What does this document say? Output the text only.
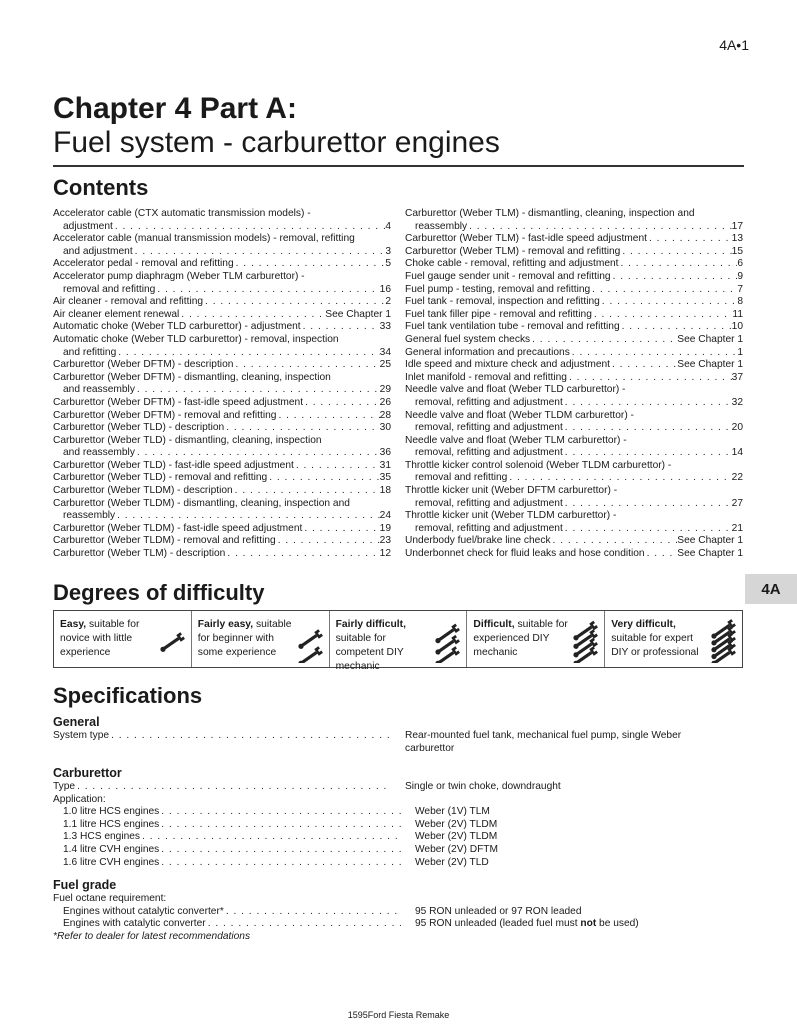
4A•1
Chapter 4 Part A:
Fuel system - carburettor engines
Contents
Accelerator cable (CTX automatic transmission models) -
adjustment . . .	4
Accelerator cable (manual transmission models) - removal, refitting
and adjustment . . .	3
Accelerator pedal - removal and refitting . . .	5
Accelerator pump diaphragm (Weber TLM carburettor) -
removal and refitting . . .	16
Air cleaner - removal and refitting . . .	2
Air cleaner element renewal . . .	See Chapter 1
Automatic choke (Weber TLD carburettor) - adjustment . . .	33
Automatic choke (Weber TLD carburettor) - removal, inspection
and refitting . . .	34
Carburettor (Weber DFTM) - description . . .	25
Carburettor (Weber DFTM) - dismantling, cleaning, inspection
and reassembly . . .	29
Carburettor (Weber DFTM) - fast-idle speed adjustment . . .	26
Carburettor (Weber DFTM) - removal and refitting . . .	28
Carburettor (Weber TLD) - description . . .	30
Carburettor (Weber TLD) - dismantling, cleaning, inspection
and reassembly . . .	36
Carburettor (Weber TLD) - fast-idle speed adjustment . . .	31
Carburettor (Weber TLD) - removal and refitting . . .	35
Carburettor (Weber TLDM) - description . . .	18
Carburettor (Weber TLDM) - dismantling, cleaning, inspection and
reassembly . . .	24
Carburettor (Weber TLDM) - fast-idle speed adjustment . . .	19
Carburettor (Weber TLDM) - removal and refitting . . .	23
Carburettor (Weber TLM) - description . . .	12
Carburettor (Weber TLM) - dismantling, cleaning, inspection and
reassembly . . .	17
Carburettor (Weber TLM) - fast-idle speed adjustment . . .	13
Carburettor (Weber TLM) - removal and refitting . . .	15
Choke cable - removal, refitting and adjustment . . .	6
Fuel gauge sender unit - removal and refitting . . .	9
Fuel pump - testing, removal and refitting . . .	7
Fuel tank - removal, inspection and refitting . . .	8
Fuel tank filler pipe - removal and refitting . . .	11
Fuel tank ventilation tube - removal and refitting . . .	10
General fuel system checks . . .	See Chapter 1
General information and precautions . . .	1
Idle speed and mixture check and adjustment . . .	See Chapter 1
Inlet manifold - removal and refitting . . .	37
Needle valve and float (Weber TLD carburettor) -
removal, refitting and adjustment . . .	32
Needle valve and float (Weber TLDM carburettor) -
removal, refitting and adjustment . . .	20
Needle valve and float (Weber TLM carburettor) -
removal, refitting and adjustment . . .	14
Throttle kicker control solenoid (Weber TLDM carburettor) -
removal and refitting . . .	22
Throttle kicker unit (Weber DFTM carburettor) -
removal, refitting and adjustment . . .	27
Throttle kicker unit (Weber TLDM carburettor) -
removal, refitting and adjustment . . .	21
Underbody fuel/brake line check . . .	See Chapter 1
Underbonnet check for fluid leaks and hose condition . . .	See Chapter 1
Degrees of difficulty	4A
Easy, suitable for novice with little experience
Fairly easy, suitable for beginner with some experience
Fairly difficult, suitable for competent DIY mechanic
Difficult, suitable for experienced DIY mechanic
Very difficult, suitable for expert DIY or professional
Specifications
General
System type . . .	Rear-mounted fuel tank, mechanical fuel pump, single Weber carburettor
Carburettor
Type . . .	Single or twin choke, downdraught
Application:
1.0 litre HCS engines . . .	Weber (1V) TLM
1.1 litre HCS engines . . .	Weber (2V) TLDM
1.3 HCS engines . . .	Weber (2V) TLDM
1.4 litre CVH engines . . .	Weber (2V) DFTM
1.6 litre CVH engines . . .	Weber (2V) TLD
Fuel grade
Fuel octane requirement:
Engines without catalytic converter* . . .	95 RON unleaded or 97 RON leaded
Engines with catalytic converter . . .	95 RON unleaded (leaded fuel must not be used)
*Refer to dealer for latest recommendations
1595Ford Fiesta Remake
